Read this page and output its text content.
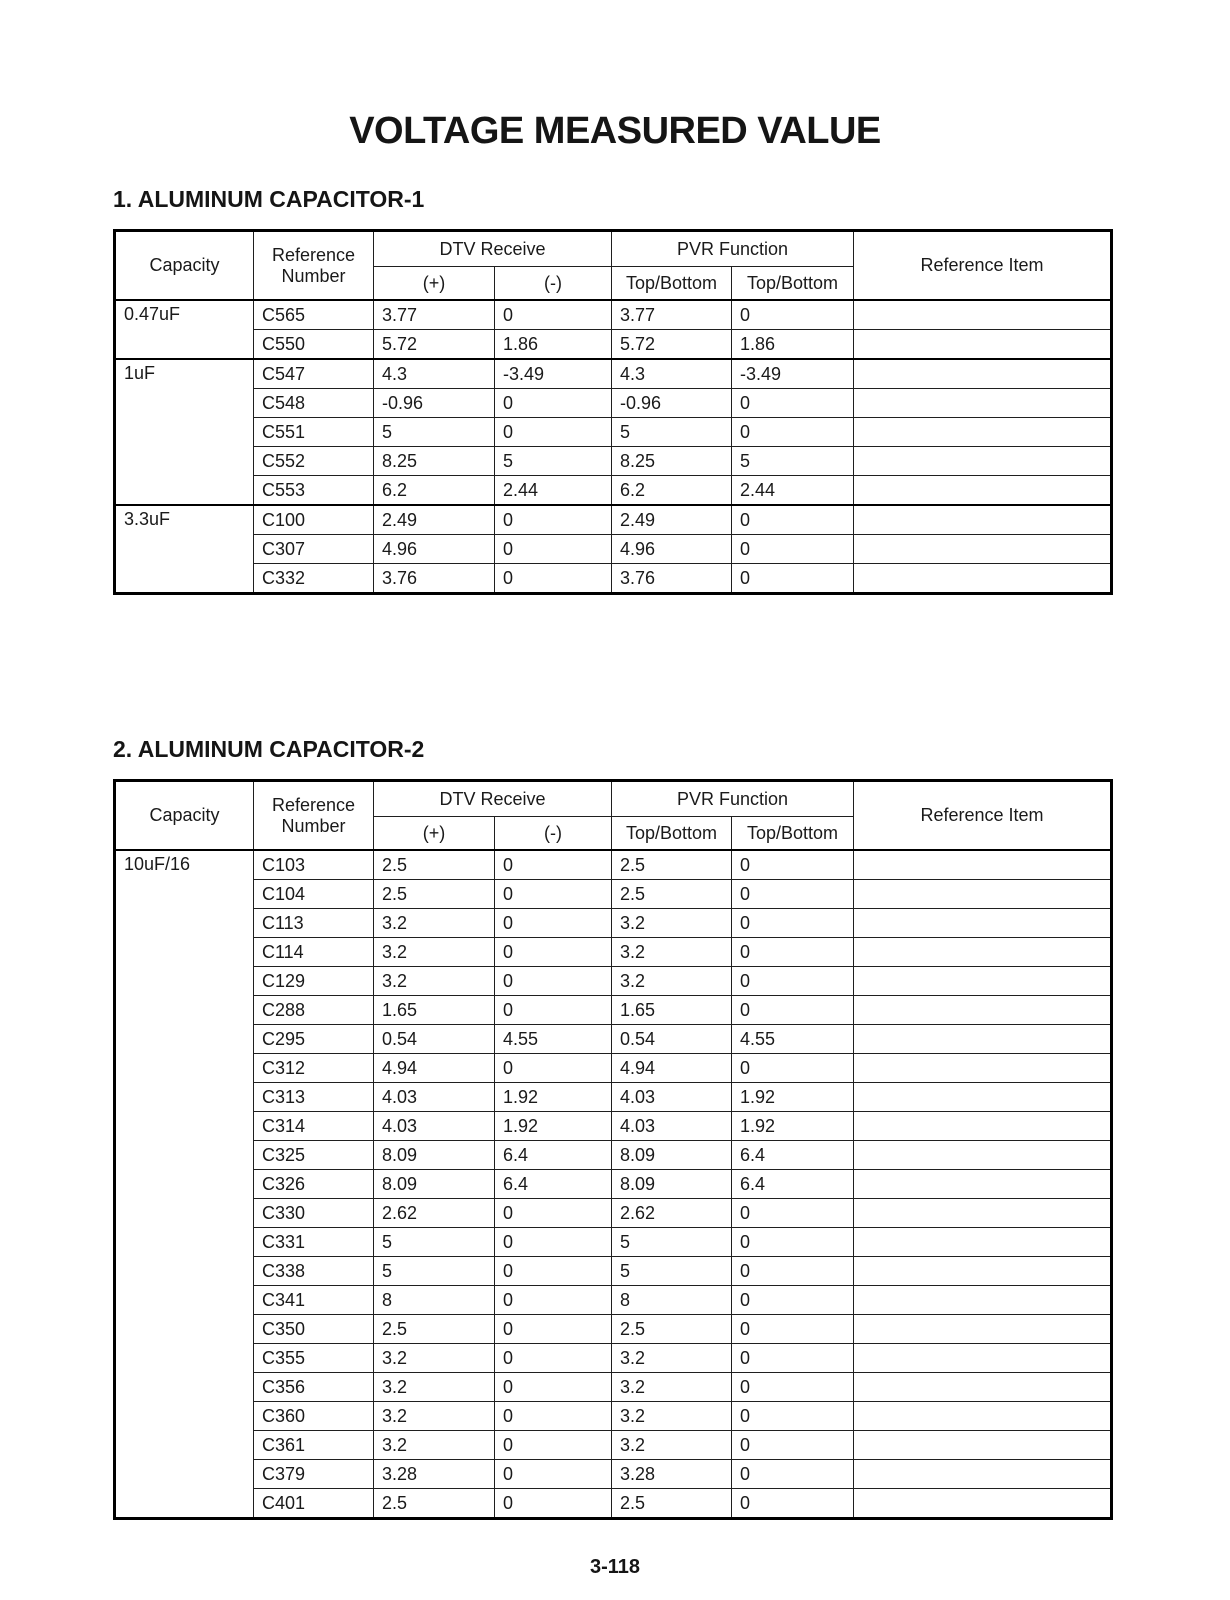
VOLTAGE MEASURED VALUE
1. ALUMINUM CAPACITOR-1
Capacity	Reference Number	DTV Receive		PVR Function		Reference Item
		(+)	(-)	Top/Bottom	Top/Bottom	
0.47uF	C565	3.77	0	3.77	0	
	C550	5.72	1.86	5.72	1.86	
1uF	C547	4.3	-3.49	4.3	-3.49	
	C548	-0.96	0	-0.96	0	
	C551	5	0	5	0	
	C552	8.25	5	8.25	5	
	C553	6.2	2.44	6.2	2.44	
3.3uF	C100	2.49	0	2.49	0	
	C307	4.96	0	4.96	0	
	C332	3.76	0	3.76	0	
2. ALUMINUM CAPACITOR-2
Capacity	Reference Number	DTV Receive		PVR Function		Reference Item
		(+)	(-)	Top/Bottom	Top/Bottom	
10uF/16	C103	2.5	0	2.5	0	
	C104	2.5	0	2.5	0	
	C113	3.2	0	3.2	0	
	C114	3.2	0	3.2	0	
	C129	3.2	0	3.2	0	
	C288	1.65	0	1.65	0	
	C295	0.54	4.55	0.54	4.55	
	C312	4.94	0	4.94	0	
	C313	4.03	1.92	4.03	1.92	
	C314	4.03	1.92	4.03	1.92	
	C325	8.09	6.4	8.09	6.4	
	C326	8.09	6.4	8.09	6.4	
	C330	2.62	0	2.62	0	
	C331	5	0	5	0	
	C338	5	0	5	0	
	C341	8	0	8	0	
	C350	2.5	0	2.5	0	
	C355	3.2	0	3.2	0	
	C356	3.2	0	3.2	0	
	C360	3.2	0	3.2	0	
	C361	3.2	0	3.2	0	
	C379	3.28	0	3.28	0	
	C401	2.5	0	2.5	0	
3-118
